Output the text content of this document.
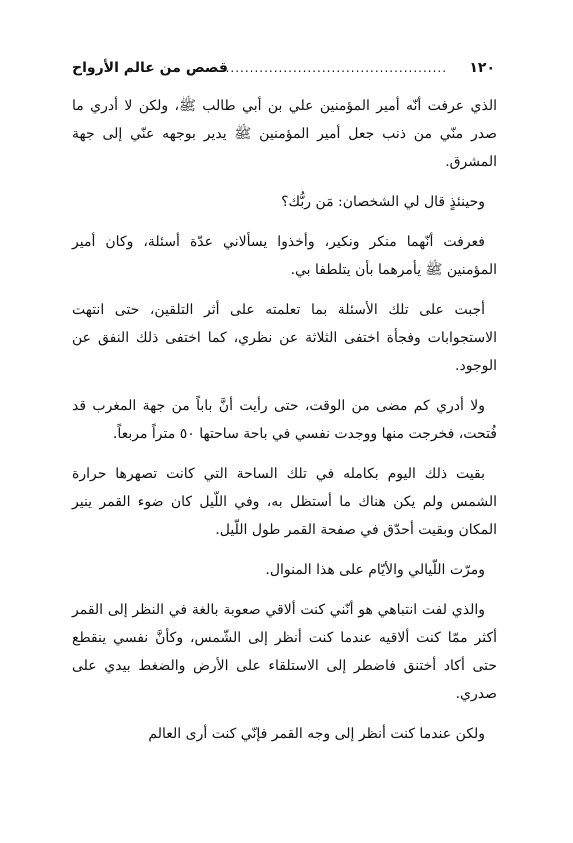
١٢٠
................................................
قصص من عالم الأرواح

الذي عرفت أنّه أمير المؤمنين علي بن أبي طالب ﷺ، ولكن لا أدري ما صدر منّي من ذنب جعل أمير المؤمنين ﷺ يدير بوجهه عنّي إلى جهة المشرق.

وحينئذٍ قال لي الشخصان: مَن ربُّك؟

فعرفت أنّهما منكر ونكير، وأخذوا يسألاني عدّة أسئلة، وكان أمير المؤمنين ﷺ يأمرهما بأن يتلطفا بي.

أجبت على تلك الأسئلة بما تعلمته على أثر التلقين، حتى انتهت الاستجوابات وفجأة اختفى الثلاثة عن نظري، كما اختفى ذلك النفق عن الوجود.

ولا أدري كم مضى من الوقت، حتى رأيت أنَّ باباً من جهة المغرب قد فُتحت، فخرجت منها ووجدت نفسي في باحة ساحتها ٥٠ متراً مربعاً.

بقيت ذلك اليوم بكامله في تلك الساحة التي كانت تصهرها حرارة الشمس ولم يكن هناك ما أستظل به، وفي اللّيل كان ضوء القمر ينير المكان وبقيت أحدّق في صفحة القمر طول اللّيل.

ومرّت اللّيالي والأيّام على هذا المنوال.

والذي لفت انتباهي هو أنّني كنت ألاقي صعوبة بالغة في النظر إلى القمر أكثر ممّا كنت ألاقيه عندما كنت أنظر إلى الشّمس، وكأنَّ نفسي ينقطع حتى أكاد أختنق فاضطر إلى الاستلقاء على الأرض والضغط بيدي على صدري.

ولكن عندما كنت أنظر إلى وجه القمر فإنّي كنت أرى العالم
